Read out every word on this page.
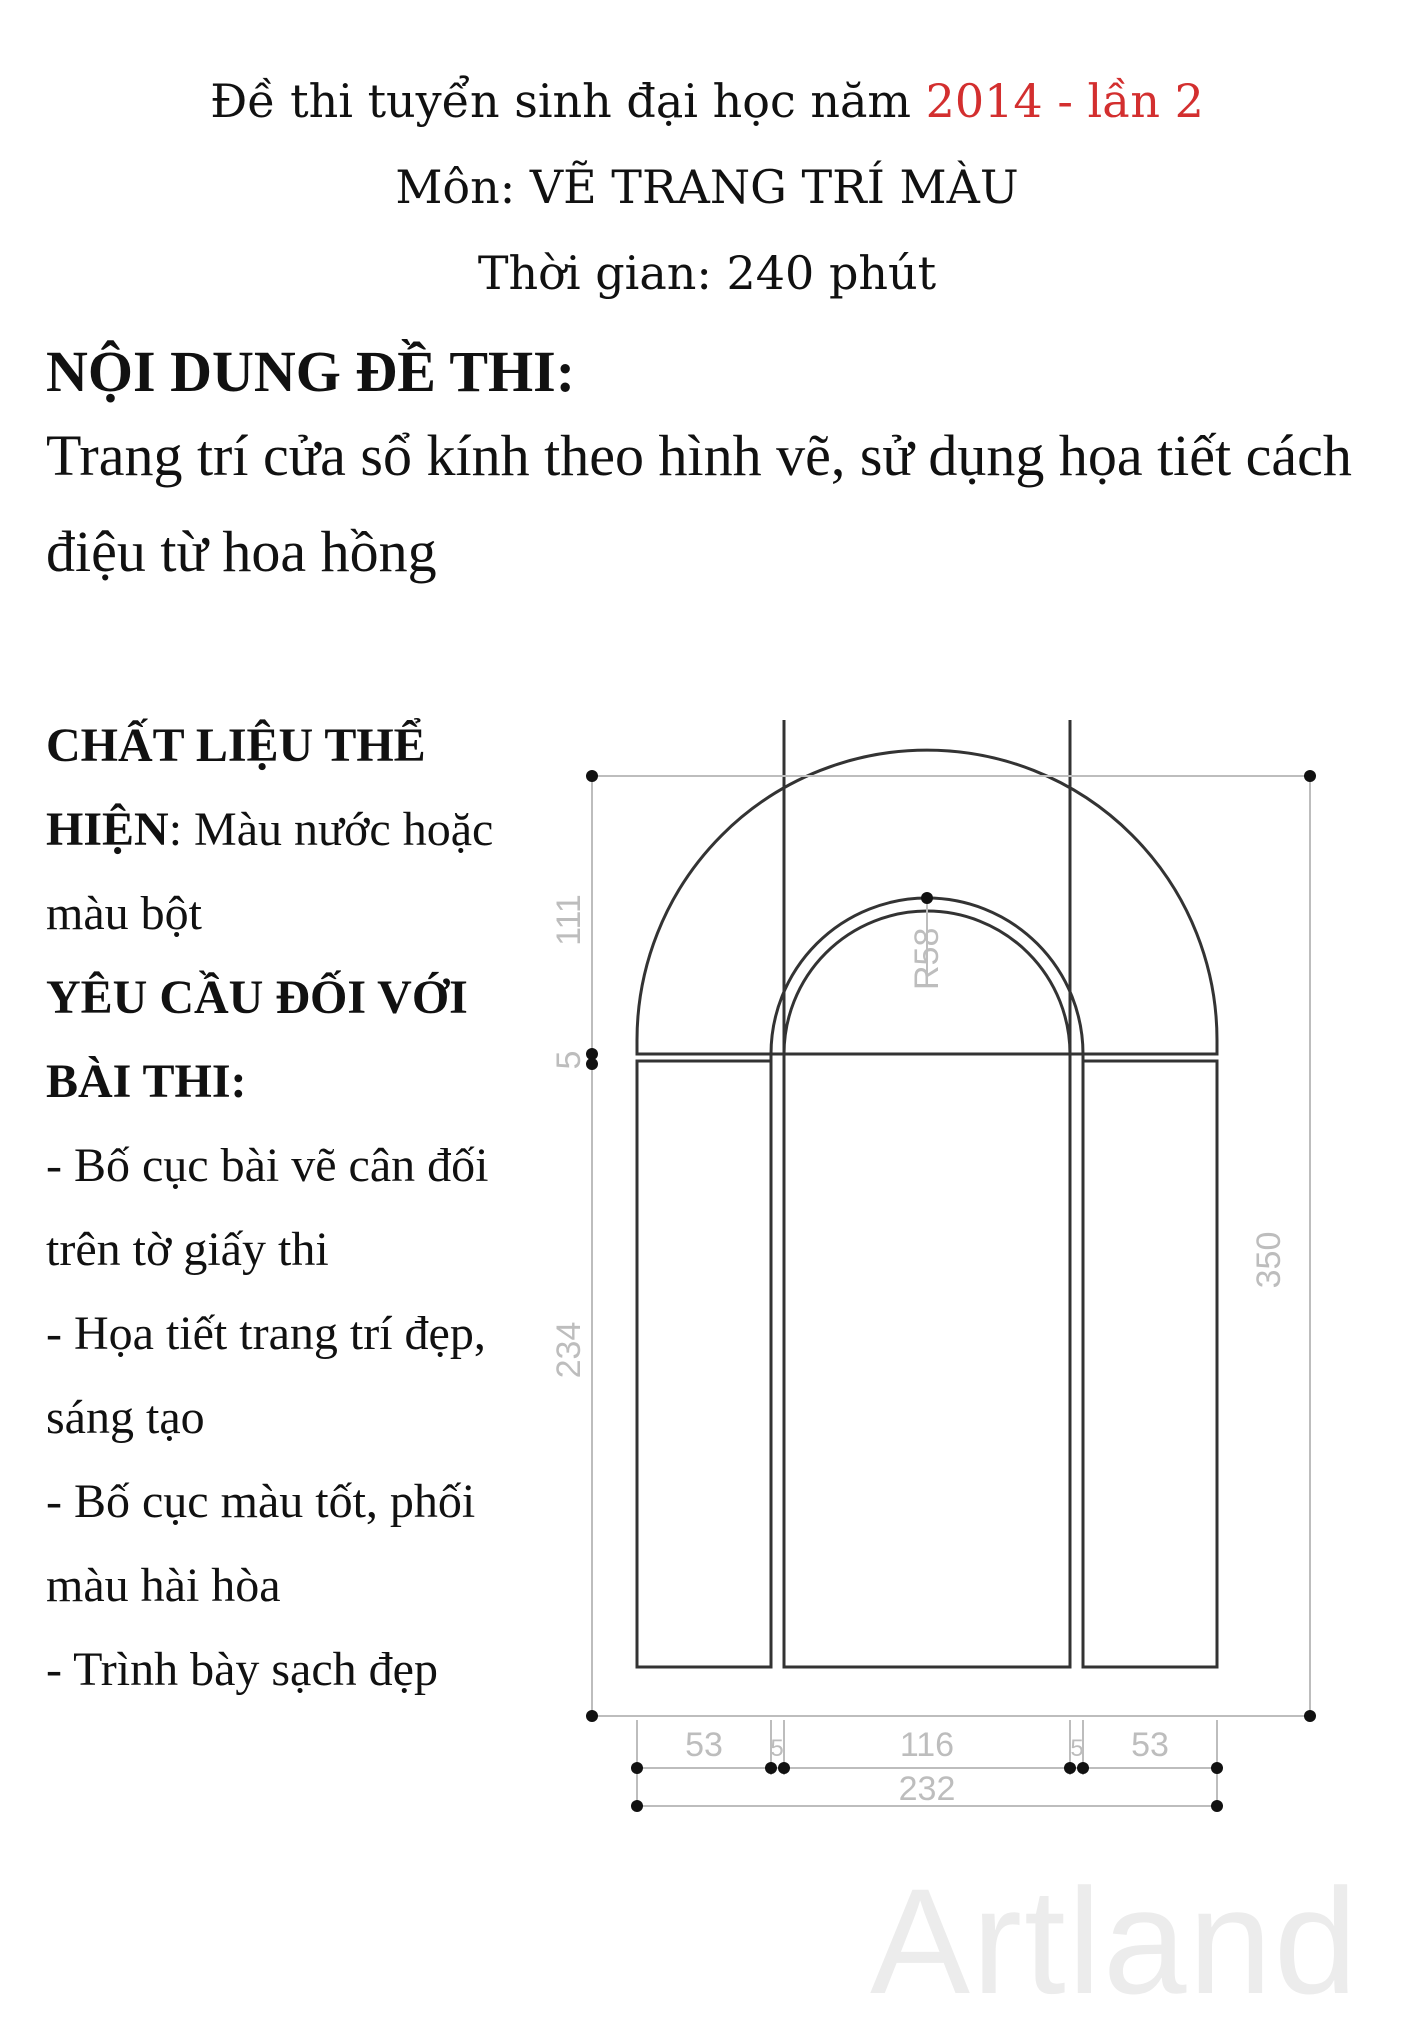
Đề thi tuyển sinh đại học năm 2014 - lần 2
Môn: VẼ TRANG TRÍ MÀU
Thời gian: 240 phút
NỘI DUNG ĐỀ THI:
Trang trí cửa sổ kính theo hình vẽ, sử dụng họa tiết cách điệu từ hoa hồng
CHẤT LIỆU THỂ HIỆN: Màu nước hoặc màu bột
YÊU CẦU ĐỐI VỚI BÀI THI:
- Bố cục bài vẽ cân đối trên tờ giấy thi
- Họa tiết trang trí đẹp, sáng tạo
- Bố cục màu tốt, phối màu hài hòa
- Trình bày sạch đẹp
111
5
234
350
R58
53 5	116	5 53
232
Artland
